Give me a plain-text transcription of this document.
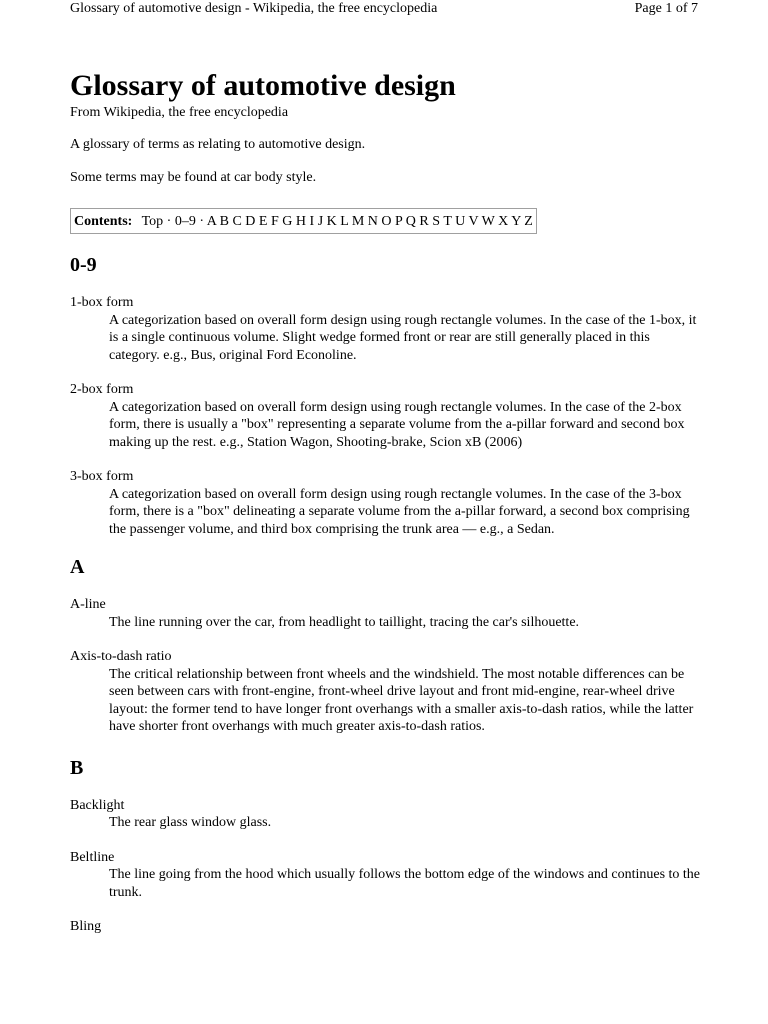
Glossary of automotive design - Wikipedia, the free encyclopedia	Page 1 of 7
Glossary of automotive design

From Wikipedia, the free encyclopedia

A glossary of terms as relating to automotive design.

Some terms may be found at car body style.

Contents: Top · 0–9 · A B C D E F G H I J K L M N O P Q R S T U V W X Y Z
0-9
1-box form
A categorization based on overall form design using rough rectangle volumes. In the case of the 1-box, it is a single continuous volume. Slight wedge formed front or rear are still generally placed in this category. e.g., Bus, original Ford Econoline.
2-box form
A categorization based on overall form design using rough rectangle volumes. In the case of the 2-box form, there is usually a "box" representing a separate volume from the a-pillar forward and second box making up the rest. e.g., Station Wagon, Shooting-brake, Scion xB (2006)
3-box form
A categorization based on overall form design using rough rectangle volumes. In the case of the 3-box form, there is a "box" delineating a separate volume from the a-pillar forward, a second box comprising the passenger volume, and third box comprising the trunk area — e.g., a Sedan.
A
A-line
The line running over the car, from headlight to taillight, tracing the car's silhouette.
Axis-to-dash ratio
The critical relationship between front wheels and the windshield. The most notable differences can be seen between cars with front-engine, front-wheel drive layout and front mid-engine, rear-wheel drive layout: the former tend to have longer front overhangs with a smaller axis-to-dash ratios, while the latter have shorter front overhangs with much greater axis-to-dash ratios.
B
Backlight
The rear glass window glass.
Beltline
The line going from the hood which usually follows the bottom edge of the windows and continues to the trunk.
Bling
